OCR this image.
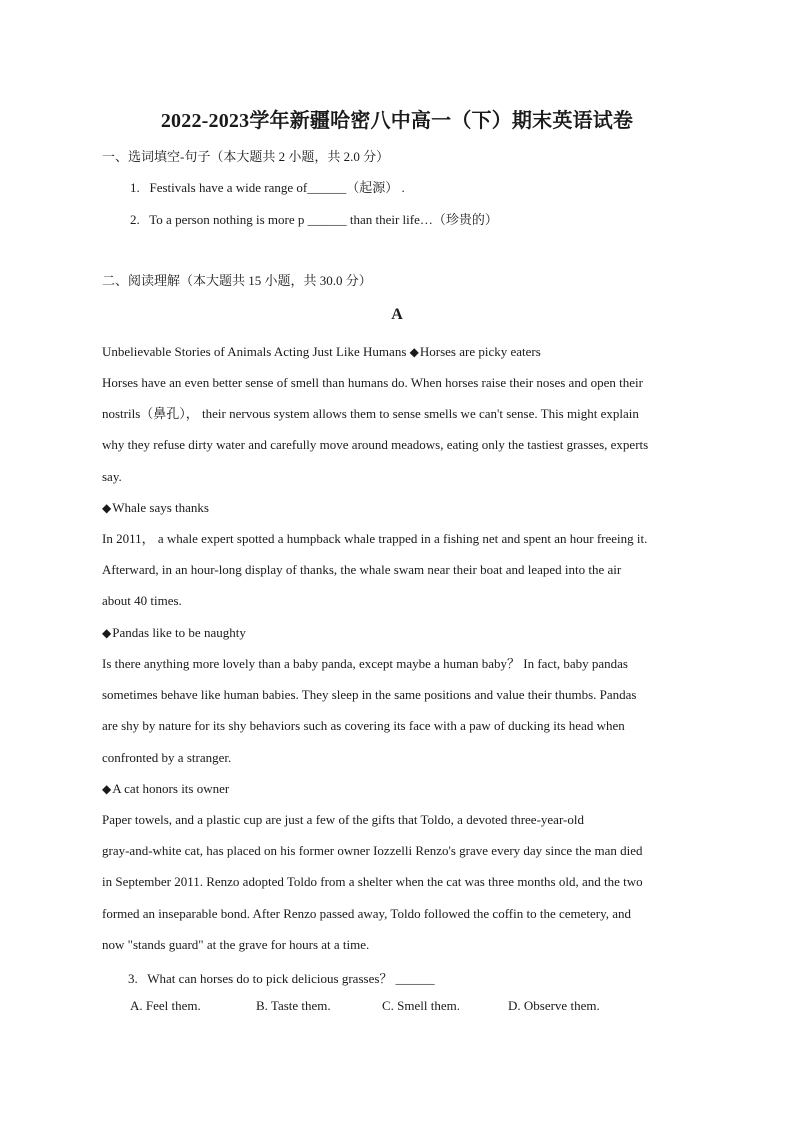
2022-2023学年新疆哈密八中高一（下）期末英语试卷
一、选词填空-句子（本大题共 2 小题，共 2.0 分）
1. Festivals have a wide range of______（起源） .
2. To a person nothing is more p ______ than their life…（珍贵的）
二、阅读理解（本大题共 15 小题，共 30.0 分）
A
Unbelievable Stories of Animals Acting Just Like Humans ◆Horses are picky eaters
Horses have an even better sense of smell than humans do. When horses raise their noses and open their
nostrils（鼻孔）， their nervous system allows them to sense smells we can't sense. This might explain
why they refuse dirty water and carefully move around meadows, eating only the tastiest grasses, experts
say.
◆Whale says thanks
In 2011， a whale expert spotted a humpback whale trapped in a fishing net and spent an hour freeing it.
Afterward, in an hour-long display of thanks, the whale swam near their boat and leaped into the air
about 40 times.
◆Pandas like to be naughty
Is there anything more lovely than a baby panda, except maybe a human baby？ In fact, baby pandas
sometimes behave like human babies. They sleep in the same positions and value their thumbs. Pandas
are shy by nature for its shy behaviors such as covering its face with a paw of ducking its head when
confronted by a stranger.
◆A cat honors its owner
Paper towels, and a plastic cup are just a few of the gifts that Toldo, a devoted three-year-old
gray-and-white cat, has placed on his former owner Iozzelli Renzo's grave every day since the man died
in September 2011. Renzo adopted Toldo from a shelter when the cat was three months old, and the two
formed an inseparable bond. After Renzo passed away, Toldo followed the coffin to the cemetery, and
now "stands guard" at the grave for hours at a time.
3. What can horses do to pick delicious grasses？ ______
A. Feel them.	B. Taste them.	C. Smell them.	D. Observe them.
